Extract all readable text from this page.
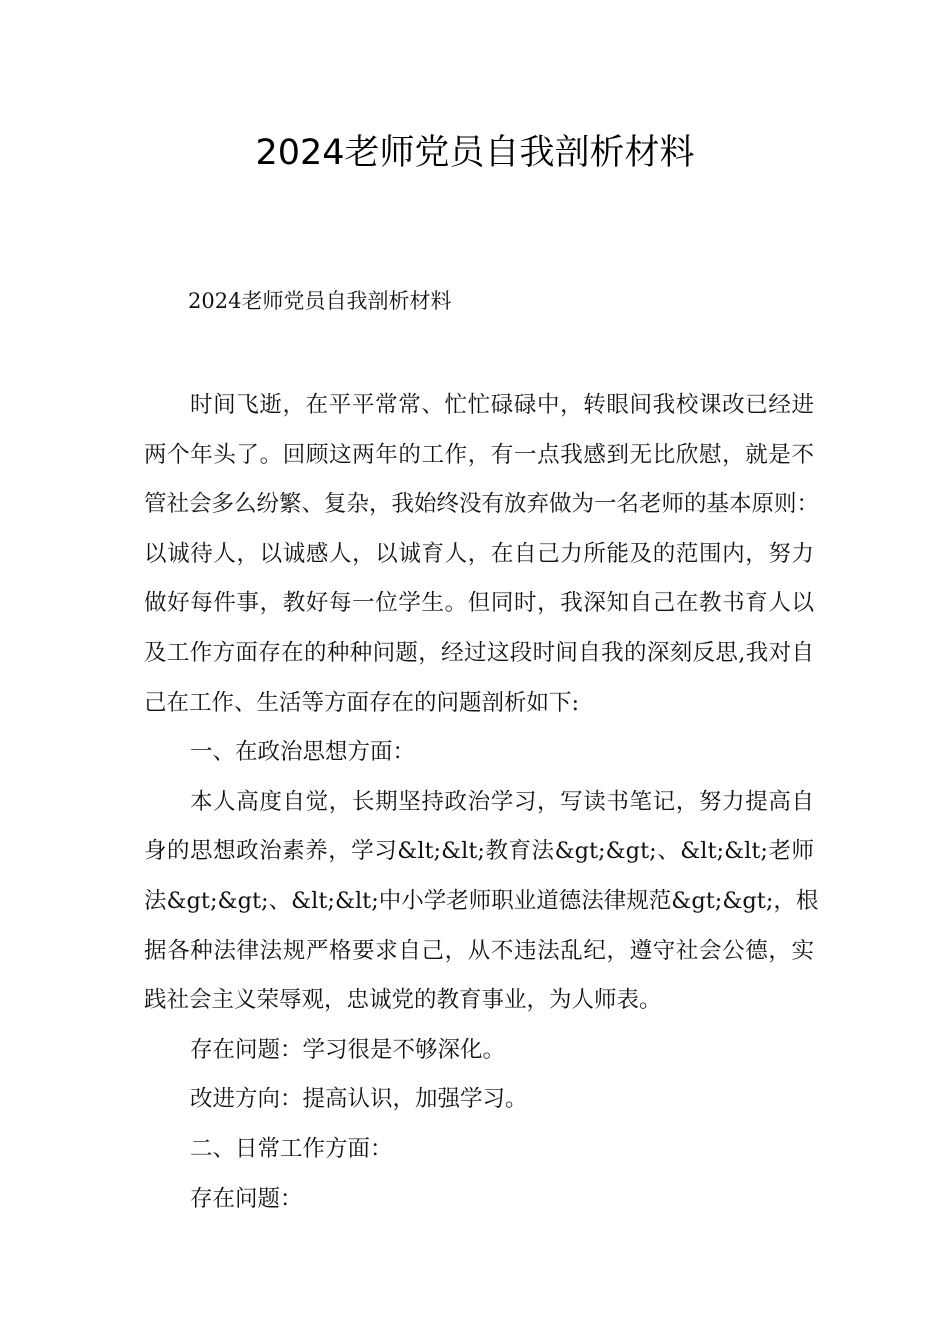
2024老师党员自我剖析材料
2024老师党员自我剖析材料
时间飞逝，在平平常常、忙忙碌碌中，转眼间我校课改已经进
两个年头了。回顾这两年的工作，有一点我感到无比欣慰，就是不
管社会多么纷繁、复杂，我始终没有放弃做为一名老师的基本原则：
以诚待人，以诚感人，以诚育人，在自己力所能及的范围内，努力
做好每件事，教好每一位学生。但同时，我深知自己在教书育人以
及工作方面存在的种种问题，经过这段时间自我的深刻反思,我对自
己在工作、生活等方面存在的问题剖析如下:
一、在政治思想方面：
本人高度自觉，长期坚持政治学习，写读书笔记，努力提高自
身的思想政治素养，学习&lt;&lt;教育法&gt;&gt;、&lt;&lt;老师
法&gt;&gt;、&lt;&lt;中小学老师职业道德法律规范&gt;&gt;，根
据各种法律法规严格要求自己，从不违法乱纪，遵守社会公德，实
践社会主义荣辱观，忠诚党的教育事业，为人师表。
存在问题：学习很是不够深化。
改进方向：提高认识，加强学习。
二、日常工作方面：
存在问题：
